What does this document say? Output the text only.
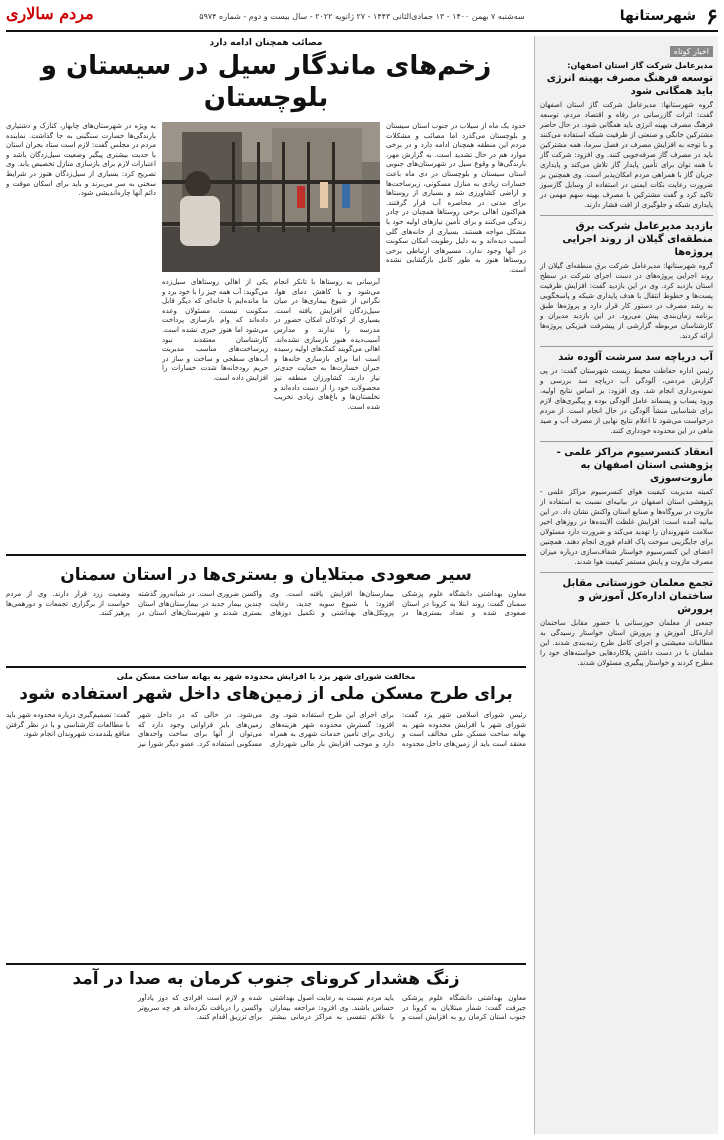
۶
شهرستانها
سه‌شنبه ۷ بهمن ۱۴۰۰ - ۱۳ جمادی‌الثانی ۱۴۴۳ - ۲۷ ژانویه ۲۰۲۲ - سال بیست و دوم - شماره ۵۹۷۴
مردم سالاری
اخبار کوتاه
مدیرعامل شرکت گاز استان اصفهان:
توسعه فرهنگ مصرف بهینه انرژی باید همگانی شود
گروه شهرستانها: مدیرعامل شرکت گاز استان اصفهان گفت: اثرات گازرسانی در رفاه و اقتصاد مردم، توسعه فرهنگ مصرف بهینه انرژی باید همگانی شود. در حال حاضر مشترکین خانگی و صنعتی از ظرفیت شبکه استفاده می‌کنند و با توجه به افزایش مصرف در فصل سرما، همه مشترکین باید در مصرف گاز صرفه‌جویی کنند. وی افزود: شرکت گاز با همه توان برای تأمین پایدار گاز تلاش می‌کند و پایداری جریان گاز با همراهی مردم امکان‌پذیر است. وی همچنین بر ضرورت رعایت نکات ایمنی در استفاده از وسایل گازسوز تاکید کرد و گفت مشترکین با مصرف بهینه سهم مهمی در پایداری شبکه و جلوگیری از افت فشار دارند.
بازدید مدیرعامل شرکت برق منطقه‌ای گیلان از روند اجرایی پروژه‌ها
گروه شهرستانها: مدیرعامل شرکت برق منطقه‌ای گیلان از روند اجرایی پروژه‌های در دست اجرای شرکت در سطح استان بازدید کرد. وی در این بازدید گفت: افزایش ظرفیت پست‌ها و خطوط انتقال با هدف پایداری شبکه و پاسخگویی به رشد مصرف در دستور کار قرار دارد و پروژه‌ها طبق برنامه زمان‌بندی پیش می‌رود. در این بازدید مدیران و کارشناسان مربوطه گزارشی از پیشرفت فیزیکی پروژه‌ها ارائه کردند.
آب دریاچه سد سرشت آلوده شد
رئیس اداره حفاظت محیط زیست شهرستان گفت: در پی گزارش مردمی، آلودگی آب دریاچه سد بررسی و نمونه‌برداری انجام شد. وی افزود: بر اساس نتایج اولیه، ورود پساب و پسماند عامل آلودگی بوده و پیگیری‌های لازم برای شناسایی منشأ آلودگی در حال انجام است. از مردم درخواست می‌شود تا اعلام نتایج نهایی از مصرف آب و صید ماهی در این محدوده خودداری کنند.
انعقاد کنسرسیوم مراکز علمی - پژوهشی استان اصفهان به مازوت‌سوزی
کمیته مدیریت کیفیت هوای کنسرسیوم مراکز علمی - پژوهشی استان اصفهان در بیانیه‌ای نسبت به استفاده از مازوت در نیروگاه‌ها و صنایع استان واکنش نشان داد. در این بیانیه آمده است: افزایش غلظت آلاینده‌ها در روزهای اخیر سلامت شهروندان را تهدید می‌کند و ضرورت دارد مسئولان برای جایگزینی سوخت پاک اقدام فوری انجام دهند. همچنین اعضای این کنسرسیوم خواستار شفاف‌سازی درباره میزان مصرف مازوت و پایش مستمر کیفیت هوا شدند.
تجمع معلمان خوزستانی مقابل ساختمان اداره‌کل آموزش و پرورش
جمعی از معلمان خوزستانی با حضور مقابل ساختمان اداره‌کل آموزش و پرورش استان خواستار رسیدگی به مطالبات معیشتی و اجرای کامل طرح رتبه‌بندی شدند. این معلمان با در دست داشتن پلاکاردهایی خواسته‌های خود را مطرح کردند و خواستار پیگیری مسئولان شدند.
مصائب همچنان ادامه دارد
زخم‌های ماندگار سیل در سیستان و بلوچستان
حدود یک ماه از سیلاب در جنوب استان سیستان و بلوچستان می‌گذرد اما مصائب و مشکلات مردم این منطقه همچنان ادامه دارد و در برخی موارد هم در حال تشدید است. به گزارش مهر، بارندگی‌ها و وقوع سیل در شهرستان‌های جنوبی استان سیستان و بلوچستان در دی ماه باعث خسارات زیادی به منازل مسکونی، زیرساخت‌ها و اراضی کشاورزی شد و بسیاری از روستاها برای مدتی در محاصره آب قرار گرفتند. هم‌اکنون اهالی برخی روستاها همچنان در چادر زندگی می‌کنند و برای تأمین نیازهای اولیه خود با مشکل مواجه هستند. بسیاری از خانه‌های گلی آسیب دیده‌اند و به دلیل رطوبت امکان سکونت در آنها وجود ندارد. مسیرهای ارتباطی برخی روستاها هنوز به طور کامل بازگشایی نشده است.
آبرسانی به روستاها با تانکر انجام می‌شود و با کاهش دمای هوا، نگرانی از شیوع بیماری‌ها در میان سیل‌زدگان افزایش یافته است. بسیاری از کودکان امکان حضور در مدرسه را ندارند و مدارس آسیب‌دیده هنوز بازسازی نشده‌اند. اهالی می‌گویند کمک‌های اولیه رسیده است اما برای بازسازی خانه‌ها و جبران خسارت‌ها به حمایت جدی‌تر نیاز دارند. کشاورزان منطقه نیز محصولات خود را از دست داده‌اند و نخلستان‌ها و باغ‌های زیادی تخریب شده است.
یکی از اهالی روستاهای سیل‌زده می‌گوید: آب همه چیز را با خود برد و ما مانده‌ایم با خانه‌ای که دیگر قابل سکونت نیست. مسئولان وعده داده‌اند که وام بازسازی پرداخت می‌شود اما هنوز خبری نشده است. کارشناسان معتقدند نبود زیرساخت‌های مناسب مدیریت آب‌های سطحی و ساخت و ساز در حریم رودخانه‌ها شدت خسارات را افزایش داده است.
به ویژه در شهرستان‌های چابهار، کنارک و دشتیاری بارندگی‌ها خسارت سنگینی به جا گذاشت. نماینده مردم در مجلس گفت: لازم است ستاد بحران استان با جدیت بیشتری پیگیر وضعیت سیل‌زدگان باشد و اعتبارات لازم برای بازسازی منازل تخصیص یابد. وی تصریح کرد: بسیاری از سیل‌زدگان هنوز در شرایط سختی به سر می‌برند و باید برای اسکان موقت و دائم آنها چاره‌اندیشی شود.
سیر صعودی مبتلایان و بستری‌ها در استان سمنان
معاون بهداشتی دانشگاه علوم پزشکی سمنان گفت: روند ابتلا به کرونا در استان صعودی شده و تعداد بستری‌ها در بیمارستان‌ها افزایش یافته است. وی افزود: با شیوع سویه جدید، رعایت پروتکل‌های بهداشتی و تکمیل دوزهای واکسن ضروری است. در شبانه‌روز گذشته چندین بیمار جدید در بیمارستان‌های استان بستری شدند و شهرستان‌های استان در وضعیت زرد قرار دارند. وی از مردم خواست از برگزاری تجمعات و دورهمی‌ها پرهیز کنند.
مخالفت شورای شهر یزد با افزایش محدوده شهر به بهانه ساخت مسکن ملی
برای طرح مسکن ملی از زمین‌های داخل شهر استفاده شود
رئیس شورای اسلامی شهر یزد گفت: شورای شهر با افزایش محدوده شهر به بهانه ساخت مسکن ملی مخالف است و معتقد است باید از زمین‌های داخل محدوده برای اجرای این طرح استفاده شود. وی افزود: گسترش محدوده شهر هزینه‌های زیادی برای تأمین خدمات شهری به همراه دارد و موجب افزایش بار مالی شهرداری می‌شود. در حالی که در داخل شهر زمین‌های بایر فراوانی وجود دارد که می‌توان از آنها برای ساخت واحدهای مسکونی استفاده کرد. عضو دیگر شورا نیز گفت: تصمیم‌گیری درباره محدوده شهر باید با مطالعات کارشناسی و با در نظر گرفتن منافع بلندمدت شهروندان انجام شود.
زنگ هشدار کرونای جنوب کرمان به صدا در آمد
معاون بهداشتی دانشگاه علوم پزشکی جیرفت گفت: شمار مبتلایان به کرونا در جنوب استان کرمان رو به افزایش است و باید مردم نسبت به رعایت اصول بهداشتی حساس باشند. وی افزود: مراجعه بیماران با علائم تنفسی به مراکز درمانی بیشتر شده و لازم است افرادی که دوز یادآور واکسن را دریافت نکرده‌اند هر چه سریع‌تر برای تزریق اقدام کنند.
